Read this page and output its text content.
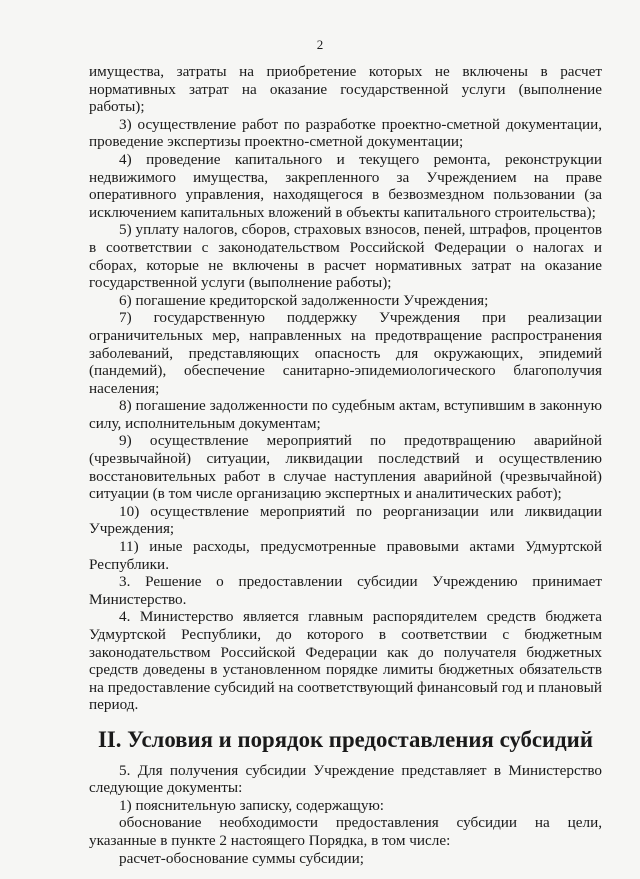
2

имущества, затраты на приобретение которых не включены в расчет нормативных затрат на оказание государственной услуги (выполнение работы);

3) осуществление работ по разработке проектно-сметной документации, проведение экспертизы проектно-сметной документации;

4) проведение капитального и текущего ремонта, реконструкции недвижимого имущества, закрепленного за Учреждением на праве оперативного управления, находящегося в безвозмездном пользовании (за исключением капитальных вложений в объекты капитального строительства);

5) уплату налогов, сборов, страховых взносов, пеней, штрафов, процентов в соответствии с законодательством Российской Федерации о налогах и сборах, которые не включены в расчет нормативных затрат на оказание государственной услуги (выполнение работы);

6) погашение кредиторской задолженности Учреждения;

7) государственную поддержку Учреждения при реализации ограничительных мер, направленных на предотвращение распространения заболеваний, представляющих опасность для окружающих, эпидемий (пандемий), обеспечение санитарно-эпидемиологического благополучия населения;

8) погашение задолженности по судебным актам, вступившим в законную силу, исполнительным документам;

9) осуществление мероприятий по предотвращению аварийной (чрезвычайной) ситуации, ликвидации последствий и осуществлению восстановительных работ в случае наступления аварийной (чрезвычайной) ситуации (в том числе организацию экспертных и аналитических работ);

10) осуществление мероприятий по реорганизации или ликвидации Учреждения;

11) иные расходы, предусмотренные правовыми актами Удмуртской Республики.

3. Решение о предоставлении субсидии Учреждению принимает Министерство.

4. Министерство является главным распорядителем средств бюджета Удмуртской Республики, до которого в соответствии с бюджетным законодательством Российской Федерации как до получателя бюджетных средств доведены в установленном порядке лимиты бюджетных обязательств на предоставление субсидий на соответствующий финансовый год и плановый период.

II. Условия и порядок предоставления субсидий

5. Для получения субсидии Учреждение представляет в Министерство следующие документы:

1) пояснительную записку, содержащую:

обоснование необходимости предоставления субсидии на цели, указанные в пункте 2 настоящего Порядка, в том числе:

расчет-обоснование суммы субсидии;
